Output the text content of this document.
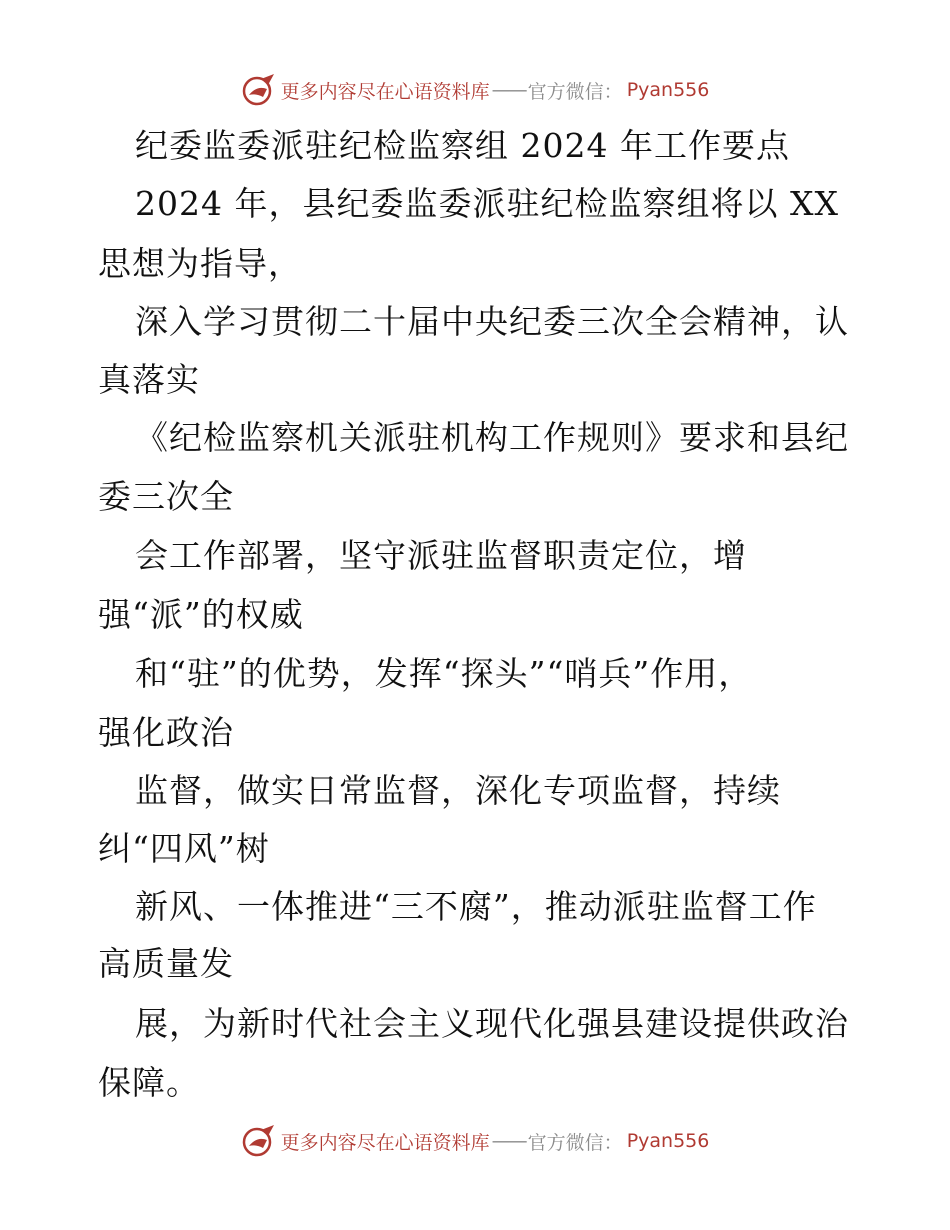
更多内容尽在心语资料库 —— 官方微信： Pyan556
纪委监委派驻纪检监察组 2024 年工作要点
2024 年，县纪委监委派驻纪检监察组将以 XX
思想为指导，
深入学习贯彻二十届中央纪委三次全会精神，认
真落实
《纪检监察机关派驻机构工作规则》要求和县纪
委三次全
会工作部署，坚守派驻监督职责定位，增
强“派”的权威
和“驻”的优势，发挥“探头”“哨兵”作用，
强化政治
监督，做实日常监督，深化专项监督，持续
纠“四风”树
新风、一体推进“三不腐”，推动派驻监督工作
高质量发
展，为新时代社会主义现代化强县建设提供政治
保障。
更多内容尽在心语资料库 —— 官方微信： Pyan556
